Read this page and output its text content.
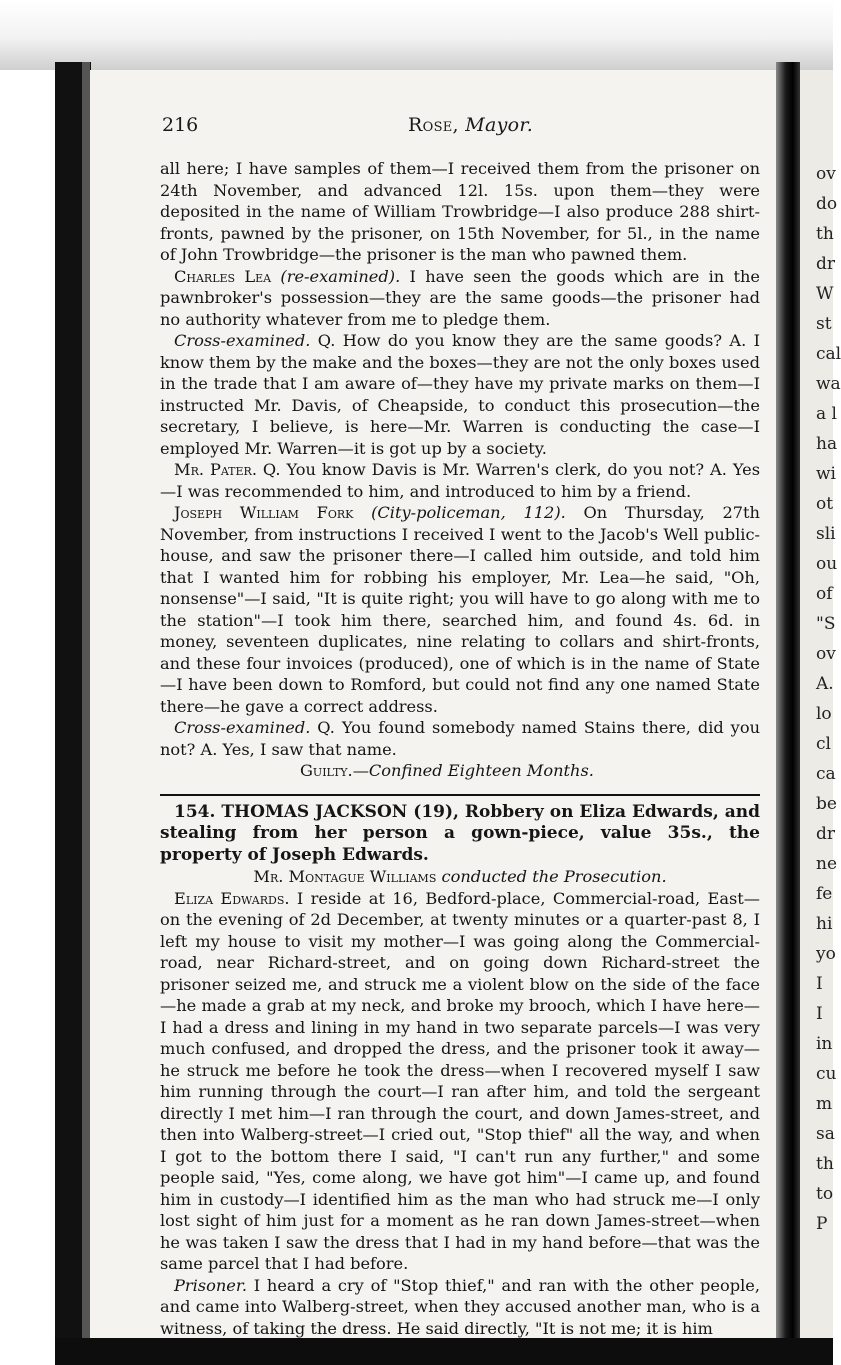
ov
do
th
dr
W
st
cal
wa
a l
ha
wi
ot
sli
ou
of
"S
ov
A.
lo
cl
ca
be
dr
ne
fe
hi
yo
I
I
in
cu
m
sa
th
to
P
216	Rose, Mayor.

all here; I have samples of them—I received them from the prisoner on 24th November, and advanced 12l. 15s. upon them—they were deposited in the name of William Trowbridge—I also produce 288 shirt-fronts, pawned by the prisoner, on 15th November, for 5l., in the name of John Trowbridge—the prisoner is the man who pawned them.

Charles Lea (re-examined). I have seen the goods which are in the pawnbroker's possession—they are the same goods—the prisoner had no authority whatever from me to pledge them.

Cross-examined. Q. How do you know they are the same goods? A. I know them by the make and the boxes—they are not the only boxes used in the trade that I am aware of—they have my private marks on them—I instructed Mr. Davis, of Cheapside, to conduct this prosecution—the secretary, I believe, is here—Mr. Warren is conducting the case—I employed Mr. Warren—it is got up by a society.

Mr. Pater. Q. You know Davis is Mr. Warren's clerk, do you not? A. Yes—I was recommended to him, and introduced to him by a friend.

Joseph William Fork (City-policeman, 112). On Thursday, 27th November, from instructions I received I went to the Jacob's Well public-house, and saw the prisoner there—I called him outside, and told him that I wanted him for robbing his employer, Mr. Lea—he said, "Oh, nonsense"—I said, "It is quite right; you will have to go along with me to the station"—I took him there, searched him, and found 4s. 6d. in money, seventeen duplicates, nine relating to collars and shirt-fronts, and these four invoices (produced), one of which is in the name of State—I have been down to Romford, but could not find any one named State there—he gave a correct address.

Cross-examined. Q. You found somebody named Stains there, did you not? A. Yes, I saw that name.

Guilty.—Confined Eighteen Months.

154. THOMAS JACKSON (19), Robbery on Eliza Edwards, and stealing from her person a gown-piece, value 35s., the property of Joseph Edwards.

Mr. Montague Williams conducted the Prosecution.

Eliza Edwards. I reside at 16, Bedford-place, Commercial-road, East—on the evening of 2d December, at twenty minutes or a quarter-past 8, I left my house to visit my mother—I was going along the Commercial-road, near Richard-street, and on going down Richard-street the prisoner seized me, and struck me a violent blow on the side of the face—he made a grab at my neck, and broke my brooch, which I have here—I had a dress and lining in my hand in two separate parcels—I was very much confused, and dropped the dress, and the prisoner took it away—he struck me before he took the dress—when I recovered myself I saw him running through the court—I ran after him, and told the sergeant directly I met him—I ran through the court, and down James-street, and then into Walberg-street—I cried out, "Stop thief" all the way, and when I got to the bottom there I said, "I can't run any further," and some people said, "Yes, come along, we have got him"—I came up, and found him in custody—I identified him as the man who had struck me—I only lost sight of him just for a moment as he ran down James-street—when he was taken I saw the dress that I had in my hand before—that was the same parcel that I had before.

Prisoner. I heard a cry of "Stop thief," and ran with the other people, and came into Walberg-street, when they accused another man, who is a witness, of taking the dress. He said directly, "It is not me; it is him
